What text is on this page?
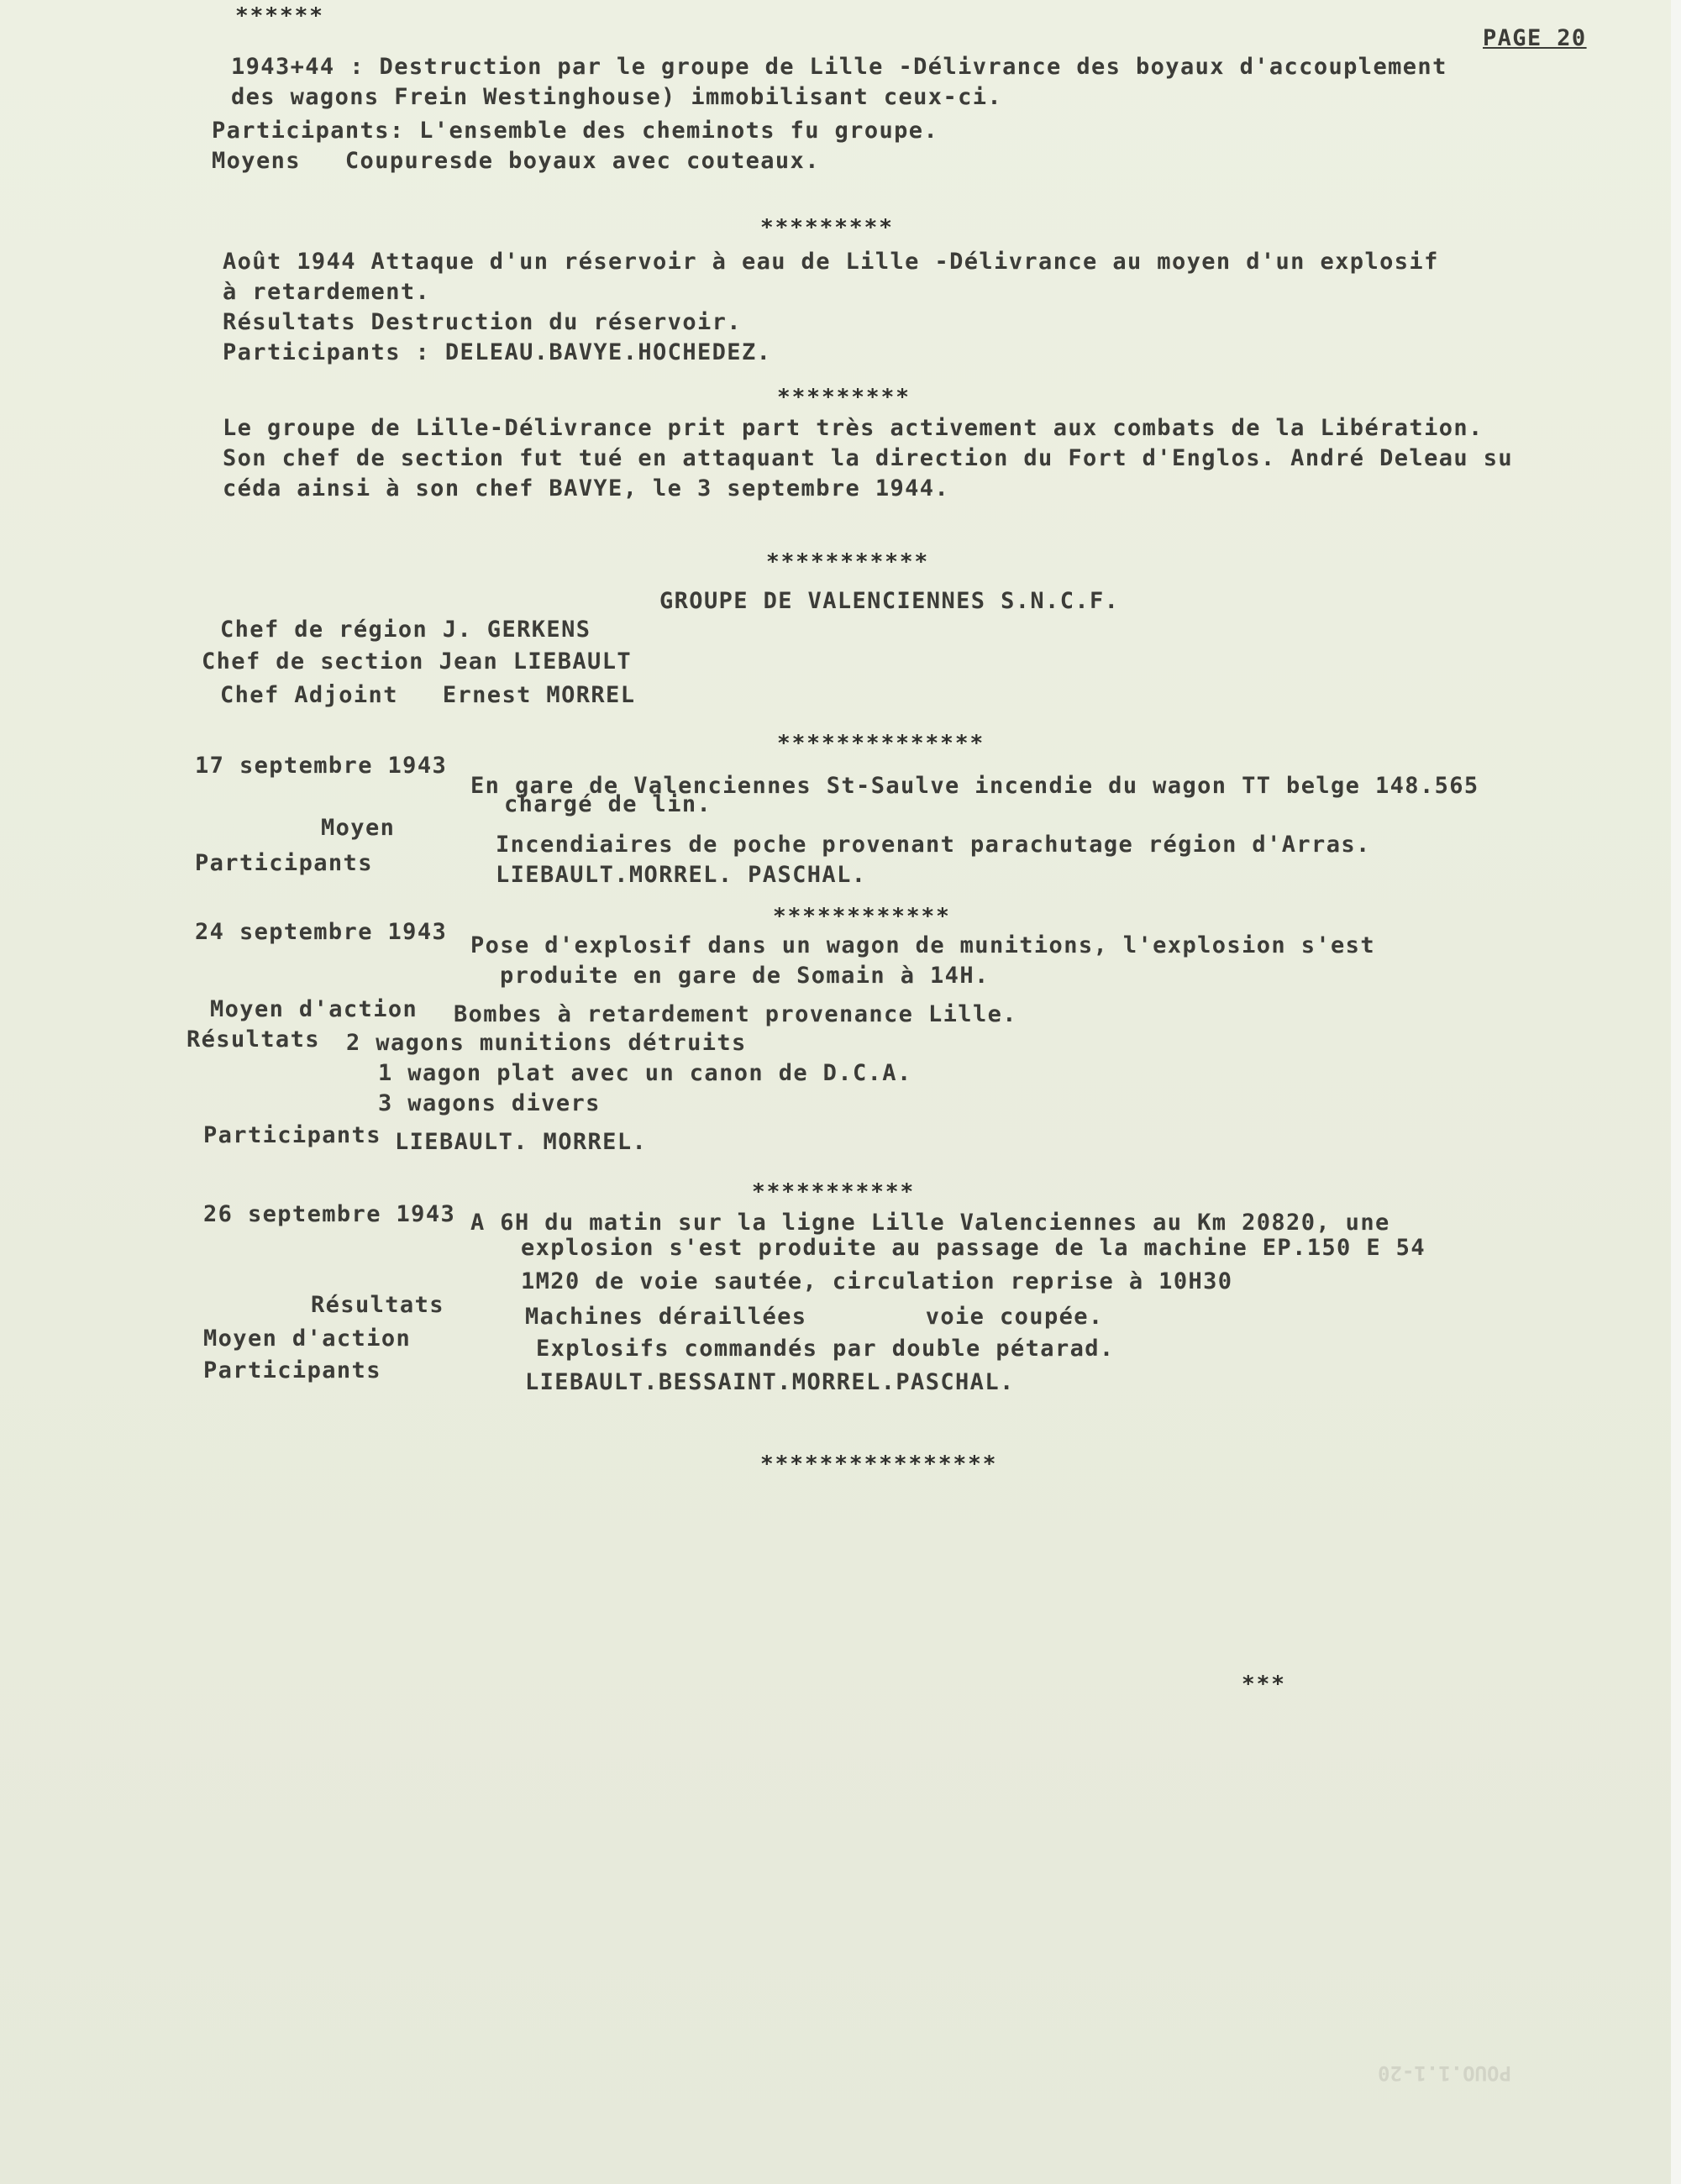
******
PAGE 20
1943+44 : Destruction par le groupe de Lille -Délivrance des boyaux d'accouplement
des wagons Frein Westinghouse) immobilisant ceux-ci.
Participants: L'ensemble des cheminots fu groupe.
Moyens   Coupuresde boyaux avec couteaux.
*********
Août 1944 Attaque d'un réservoir à eau de Lille -Délivrance au moyen d'un explosif
à retardement.
Résultats Destruction du réservoir.
Participants : DELEAU.BAVYE.HOCHEDEZ.
*********
Le groupe de Lille-Délivrance prit part très activement aux combats de la Libération.
Son chef de section fut tué en attaquant la direction du Fort d'Englos. André Deleau su
céda ainsi à son chef BAVYE, le 3 septembre 1944.
***********
GROUPE DE VALENCIENNES S.N.C.F.
Chef de région J. GERKENS
Chef de section Jean LIEBAULT
Chef Adjoint   Ernest MORREL
**************
17 septembre 1943
En gare de Valenciennes St-Saulve incendie du wagon TT belge 148.565
chargé de lin.
Moyen
Incendiaires de poche provenant parachutage région d'Arras.
Participants	LIEBAULT.MORREL. PASCHAL.
************
24 septembre 1943
Pose d'explosif dans un wagon de munitions, l'explosion s'est
produite en gare de Somain à 14H.
Moyen d'action Bombes à retardement provenance Lille.
Résultats 2 wagons munitions détruits
1 wagon plat avec un canon de D.C.A.
3 wagons divers
Participants LIEBAULT. MORREL.
***********
26 septembre 1943 A 6H du matin sur la ligne Lille Valenciennes au Km 20820, une
explosion s'est produite au passage de la machine EP.150 E 54
1M20 de voie sautée, circulation reprise à 10H30
Résultats	Machines déraillées        voie coupée.
Moyen d'action	Explosifs commandés par double pétarad.
Participants	LIEBAULT.BESSAINT.MORREL.PASCHAL.
****************
***
POUO.1.1-20
